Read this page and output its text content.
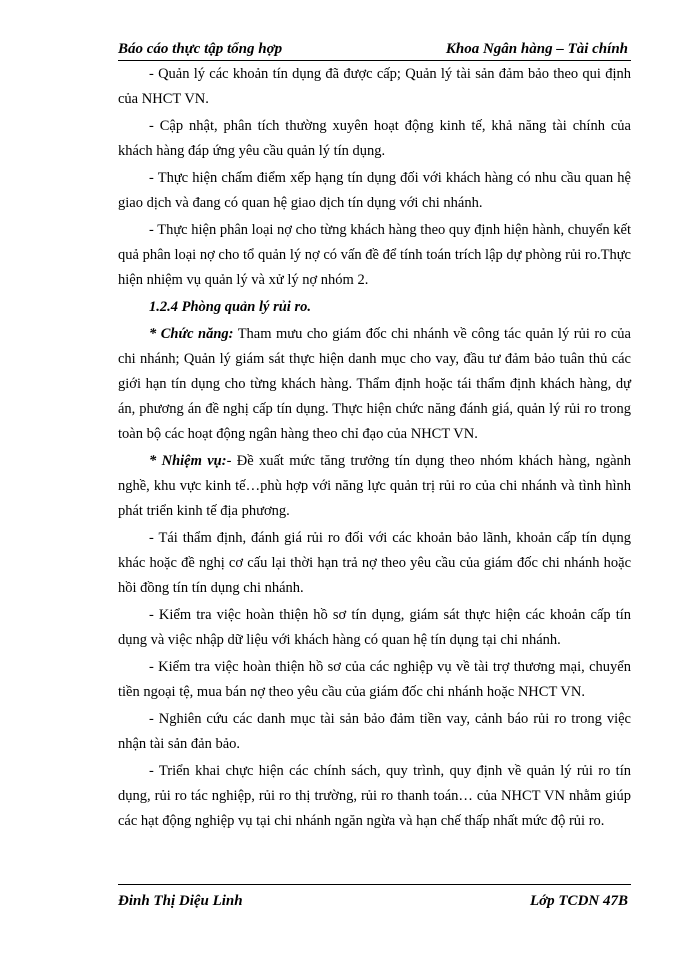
Báo cáo thực tập tổng hợp	Khoa Ngân hàng – Tài chính

- Quản lý các khoản tín dụng đã được cấp; Quản lý tài sản đảm bảo theo qui định của NHCT VN.

- Cập nhật, phân tích thường xuyên hoạt động kinh tế, khả năng tài chính của khách hàng đáp ứng yêu cầu quản lý tín dụng.

- Thực hiện chấm điểm xếp hạng tín dụng đối với khách hàng có nhu cầu quan hệ giao dịch và đang có quan hệ giao dịch tín dụng với chi nhánh.

- Thực hiện phân loại nợ cho từng khách hàng theo quy định hiện hành, chuyển kết quả phân loại nợ cho tổ quản lý nợ có vấn đề để tính toán trích lập dự phòng rủi ro.Thực hiện nhiệm vụ quản lý và xử lý nợ nhóm 2.

1.2.4 Phòng quản lý rủi ro.

* Chức năng: Tham mưu cho giám đốc chi nhánh về công tác quản lý rủi ro của chi nhánh; Quản lý giám sát thực hiện danh mục cho vay, đầu tư đảm bảo tuân thủ các giới hạn tín dụng cho từng khách hàng. Thẩm định hoặc tái thẩm định khách hàng, dự án, phương án đề nghị cấp tín dụng. Thực hiện chức năng đánh giá, quản lý rủi ro trong toàn bộ các hoạt động ngân hàng theo chỉ đạo của NHCT VN.

* Nhiệm vụ:- Đề xuất mức tăng trưởng tín dụng theo nhóm khách hàng, ngành nghề, khu vực kinh tế…phù hợp với năng lực quản trị rủi ro của chi nhánh và tình hình phát triển kinh tế địa phương.

- Tái thẩm định, đánh giá rủi ro đối với các khoản bảo lãnh, khoản cấp tín dụng khác hoặc đề nghị cơ cấu lại thời hạn trả nợ theo yêu cầu của giám đốc chi nhánh hoặc hồi đồng tín tín dụng chi nhánh.

- Kiểm tra việc hoàn thiện hồ sơ tín dụng, giám sát thực hiện các khoản cấp tín dụng và việc nhập dữ liệu với khách hàng có quan hệ tín dụng tại chi nhánh.

- Kiểm tra việc hoàn thiện hồ sơ của các nghiệp vụ về tài trợ thương mại, chuyển tiền ngoại tệ, mua bán nợ theo yêu cầu của giám đốc chi nhánh hoặc NHCT VN.

- Nghiên cứu các danh mục tài sản bảo đảm tiền vay, cảnh báo rủi ro trong việc nhận tài sản đản bảo.

- Triển khai chực hiện các chính sách, quy trình, quy định về quản lý rủi ro tín dụng, rủi ro tác nghiệp, rủi ro thị trường, rủi ro thanh toán… của NHCT VN nhằm giúp các hạt động nghiệp vụ tại chi nhánh ngăn ngừa và hạn chế thấp nhất mức độ rủi ro.

Đinh Thị Diệu Linh	Lớp TCDN 47B
